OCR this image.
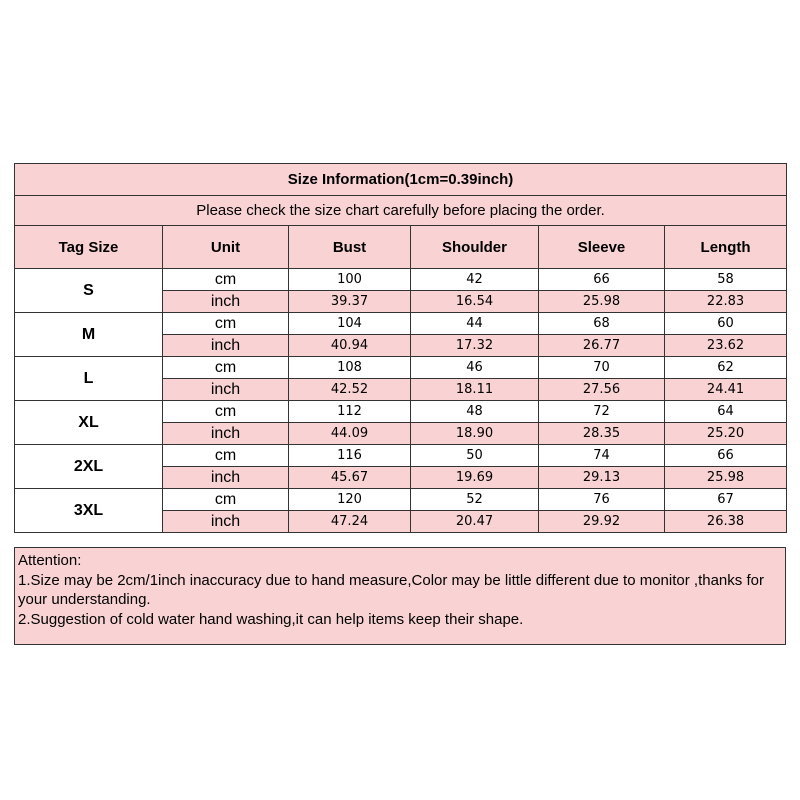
Size Information(1cm=0.39inch)					
Please check the size chart carefully before placing the order.					
Tag Size	Unit	Bust	Shoulder	Sleeve	Length
S	cm	100	42	66	58
	inch	39.37	16.54	25.98	22.83
M	cm	104	44	68	60
	inch	40.94	17.32	26.77	23.62
L	cm	108	46	70	62
	inch	42.52	18.11	27.56	24.41
XL	cm	112	48	72	64
	inch	44.09	18.90	28.35	25.20
2XL	cm	116	50	74	66
	inch	45.67	19.69	29.13	25.98
3XL	cm	120	52	76	67
	inch	47.24	20.47	29.92	26.38
Attention:
1.Size may be 2cm/1inch inaccuracy due to hand measure,Color may be little different due to monitor ,thanks for your understanding.
2.Suggestion of cold water hand washing,it can help items keep their shape.
